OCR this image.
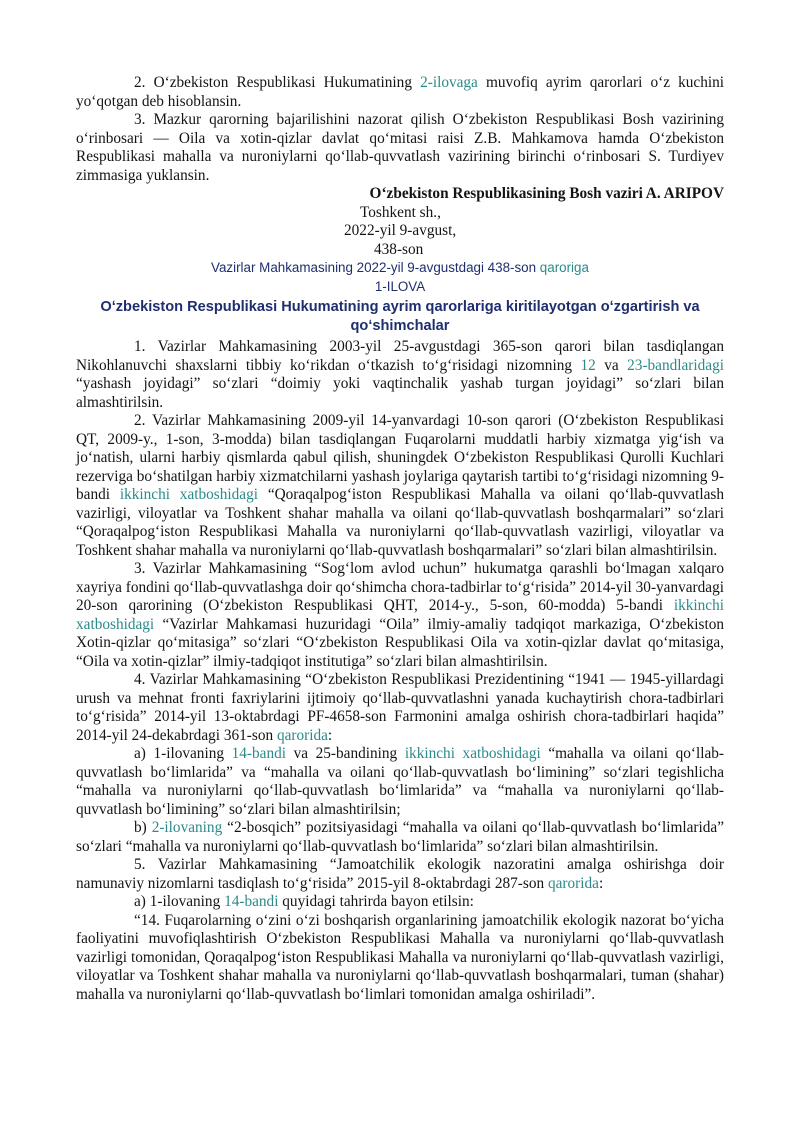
2. Oʻzbekiston Respublikasi Hukumatining 2-ilovaga muvofiq ayrim qarorlari oʻz kuchini yoʻqotgan deb hisoblansin.

3. Mazkur qarorning bajarilishini nazorat qilish Oʻzbekiston Respublikasi Bosh vazirining oʻrinbosari — Oila va xotin-qizlar davlat qoʻmitasi raisi Z.B. Mahkamova hamda Oʻzbekiston Respublikasi mahalla va nuroniylarni qoʻllab-quvvatlash vazirining birinchi oʻrinbosari S. Turdiyev zimmasiga yuklansin.

Oʻzbekiston Respublikasining Bosh vaziri A. ARIPOV

Toshkent sh.,

2022-yil 9-avgust,

438-son

Vazirlar Mahkamasining 2022-yil 9-avgustdagi 438-son qaroriga

1-ILOVA

Oʻzbekiston Respublikasi Hukumatining ayrim qarorlariga kiritilayotgan oʻzgartirish va qoʻshimchalar

1. Vazirlar Mahkamasining 2003-yil 25-avgustdagi 365-son qarori bilan tasdiqlangan Nikohlanuvchi shaxslarni tibbiy koʻrikdan oʻtkazish toʻgʻrisidagi nizomning 12 va 23-bandlaridagi “yashash joyidagi” soʻzlari “doimiy yoki vaqtinchalik yashab turgan joyidagi” soʻzlari bilan almashtirilsin.

2. Vazirlar Mahkamasining 2009-yil 14-yanvardagi 10-son qarori (Oʻzbekiston Respublikasi QT, 2009-y., 1-son, 3-modda) bilan tasdiqlangan Fuqarolarni muddatli harbiy xizmatga yigʻish va joʻnatish, ularni harbiy qismlarda qabul qilish, shuningdek Oʻzbekiston Respublikasi Qurolli Kuchlari rezerviga boʻshatilgan harbiy xizmatchilarni yashash joylariga qaytarish tartibi toʻgʻrisidagi nizomning 9-bandi ikkinchi xatboshidagi “Qoraqalpogʻiston Respublikasi Mahalla va oilani qoʻllab-quvvatlash vazirligi, viloyatlar va Toshkent shahar mahalla va oilani qoʻllab-quvvatlash boshqarmalari” soʻzlari “Qoraqalpogʻiston Respublikasi Mahalla va nuroniylarni qoʻllab-quvvatlash vazirligi, viloyatlar va Toshkent shahar mahalla va nuroniylarni qoʻllab-quvvatlash boshqarmalari” soʻzlari bilan almashtirilsin.

3. Vazirlar Mahkamasining “Sogʻlom avlod uchun” hukumatga qarashli boʻlmagan xalqaro xayriya fondini qoʻllab-quvvatlashga doir qoʻshimcha chora-tadbirlar toʻgʻrisida” 2014-yil 30-yanvardagi 20-son qarorining (Oʻzbekiston Respublikasi QHT, 2014-y., 5-son, 60-modda) 5-bandi ikkinchi xatboshidagi “Vazirlar Mahkamasi huzuridagi “Oila” ilmiy-amaliy tadqiqot markaziga, Oʻzbekiston Xotin-qizlar qoʻmitasiga” soʻzlari “Oʻzbekiston Respublikasi Oila va xotin-qizlar davlat qoʻmitasiga, “Oila va xotin-qizlar” ilmiy-tadqiqot institutiga” soʻzlari bilan almashtirilsin.

4. Vazirlar Mahkamasining “Oʻzbekiston Respublikasi Prezidentining “1941 — 1945-yillardagi urush va mehnat fronti faxriylarini ijtimoiy qoʻllab-quvvatlashni yanada kuchaytirish chora-tadbirlari toʻgʻrisida” 2014-yil 13-oktabrdagi PF-4658-son Farmonini amalga oshirish chora-tadbirlari haqida” 2014-yil 24-dekabrdagi 361-son qaroridа:

a) 1-ilovaning 14-bandi va 25-bandining ikkinchi xatboshidagi “mahalla va oilani qoʻllab-quvvatlash boʻlimlarida” va “mahalla va oilani qoʻllab-quvvatlash boʻlimining” soʻzlari tegishlicha “mahalla va nuroniylarni qoʻllab-quvvatlash boʻlimlarida” va “mahalla va nuroniylarni qoʻllab-quvvatlash boʻlimining” soʻzlari bilan almashtirilsin;

b) 2-ilovaning “2-bosqich” pozitsiyasidagi “mahalla va oilani qoʻllab-quvvatlash boʻlimlarida” soʻzlari “mahalla va nuroniylarni qoʻllab-quvvatlash boʻlimlarida” soʻzlari bilan almashtirilsin.

5. Vazirlar Mahkamasining “Jamoatchilik ekologik nazoratini amalga oshirishga doir namunaviy nizomlarni tasdiqlash toʻgʻrisida” 2015-yil 8-oktabrdagi 287-son qaroridа:

a) 1-ilovaning 14-bandi quyidagi tahrirda bayon etilsin:

“14. Fuqarolarning oʻzini oʻzi boshqarish organlarining jamoatchilik ekologik nazorat boʻyicha faoliyatini muvofiqlashtirish Oʻzbekiston Respublikasi Mahalla va nuroniylarni qoʻllab-quvvatlash vazirligi tomonidan, Qoraqalpogʻiston Respublikasi Mahalla va nuroniylarni qoʻllab-quvvatlash vazirligi, viloyatlar va Toshkent shahar mahalla va nuroniylarni qoʻllab-quvvatlash boshqarmalari, tuman (shahar) mahalla va nuroniylarni qoʻllab-quvvatlash boʻlimlari tomonidan amalga oshiriladi”.
